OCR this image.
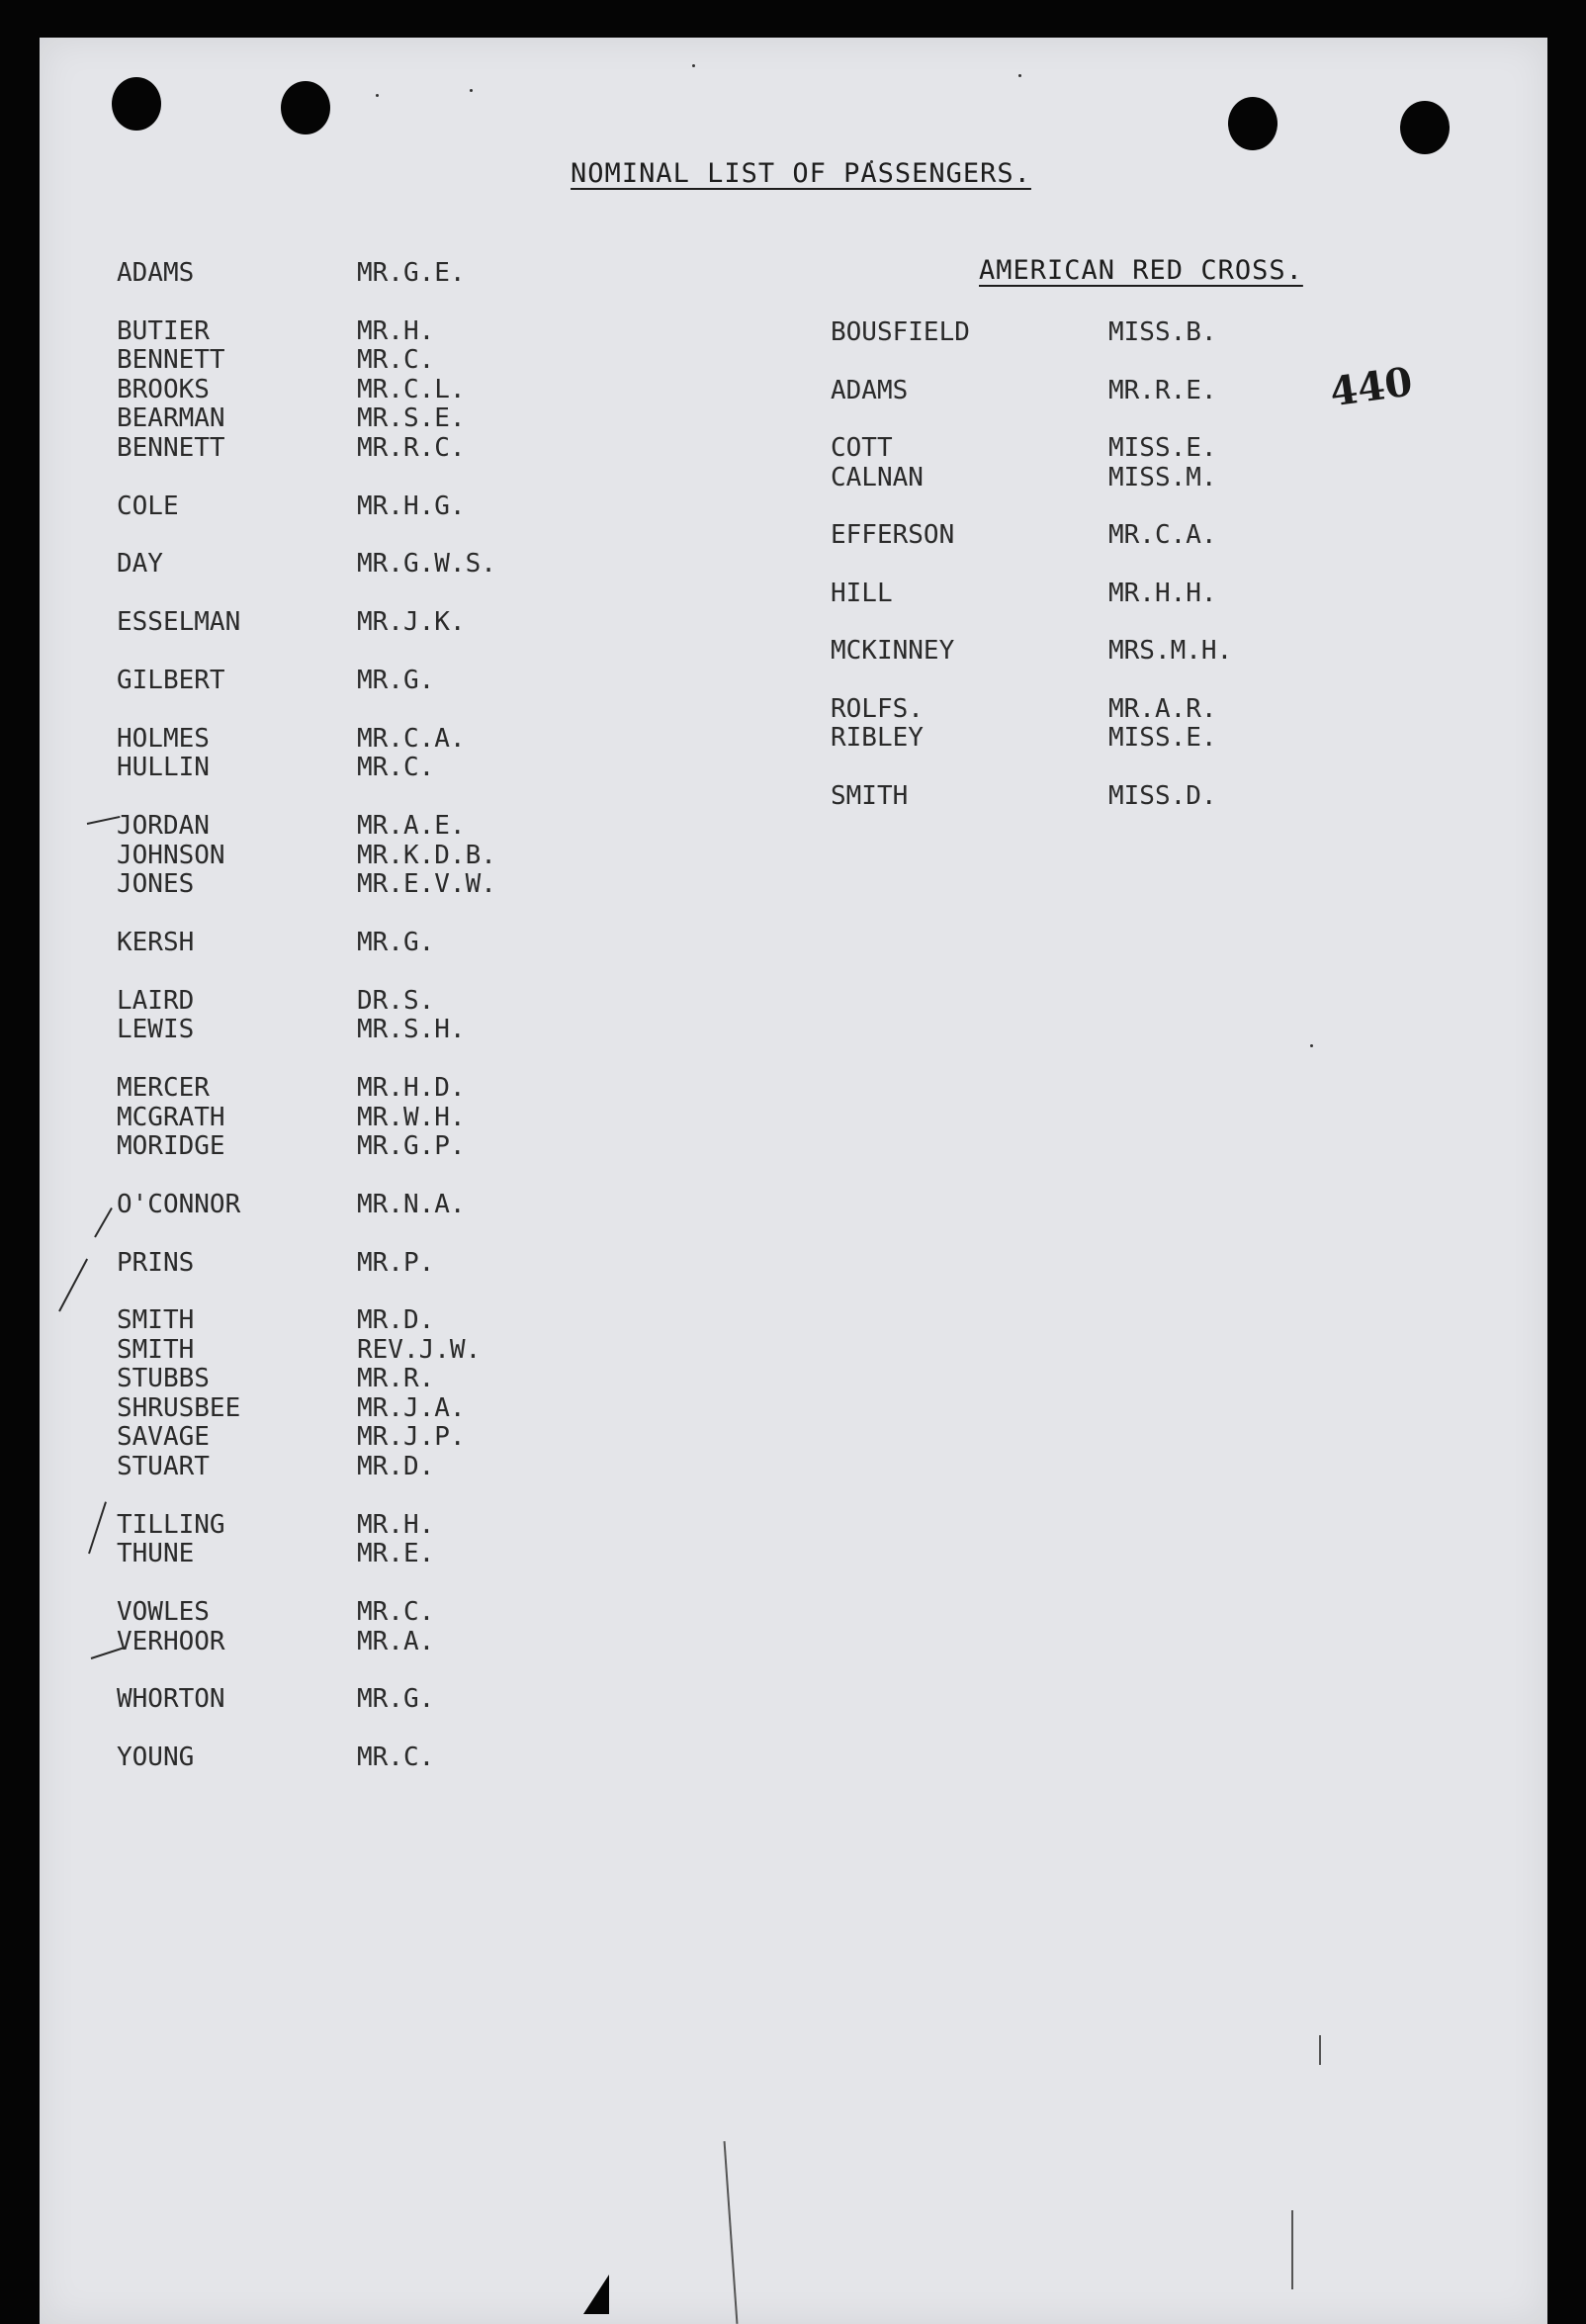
NOMINAL LIST OF PASSENGERS.
AMERICAN RED CROSS.
440
ADAMS	MR.G.E.
BUTIER	MR.H.
BENNETT	MR.C.
BROOKS	MR.C.L.
BEARMAN	MR.S.E.
BENNETT	MR.R.C.
COLE	MR.H.G.
DAY	MR.G.W.S.
ESSELMAN	MR.J.K.
GILBERT	MR.G.
HOLMES	MR.C.A.
HULLIN	MR.C.
JORDAN	MR.A.E.
JOHNSON	MR.K.D.B.
JONES	MR.E.V.W.
KERSH	MR.G.
LAIRD	DR.S.
LEWIS	MR.S.H.
MERCER	MR.H.D.
MCGRATH	MR.W.H.
MORIDGE	MR.G.P.
O'CONNOR	MR.N.A.
PRINS	MR.P.
SMITH	MR.D.
SMITH	REV.J.W.
STUBBS	MR.R.
SHRUSBEE	MR.J.A.
SAVAGE	MR.J.P.
STUART	MR.D.
TILLING	MR.H.
THUNE	MR.E.
VOWLES	MR.C.
VERHOOR	MR.A.
WHORTON	MR.G.
YOUNG	MR.C.
BOUSFIELD	MISS.B.
ADAMS	MR.R.E.
COTT	MISS.E.
CALNAN	MISS.M.
EFFERSON	MR.C.A.
HILL	MR.H.H.
MCKINNEY	MRS.M.H.
ROLFS.	MR.A.R.
RIBLEY	MISS.E.
SMITH	MISS.D.
